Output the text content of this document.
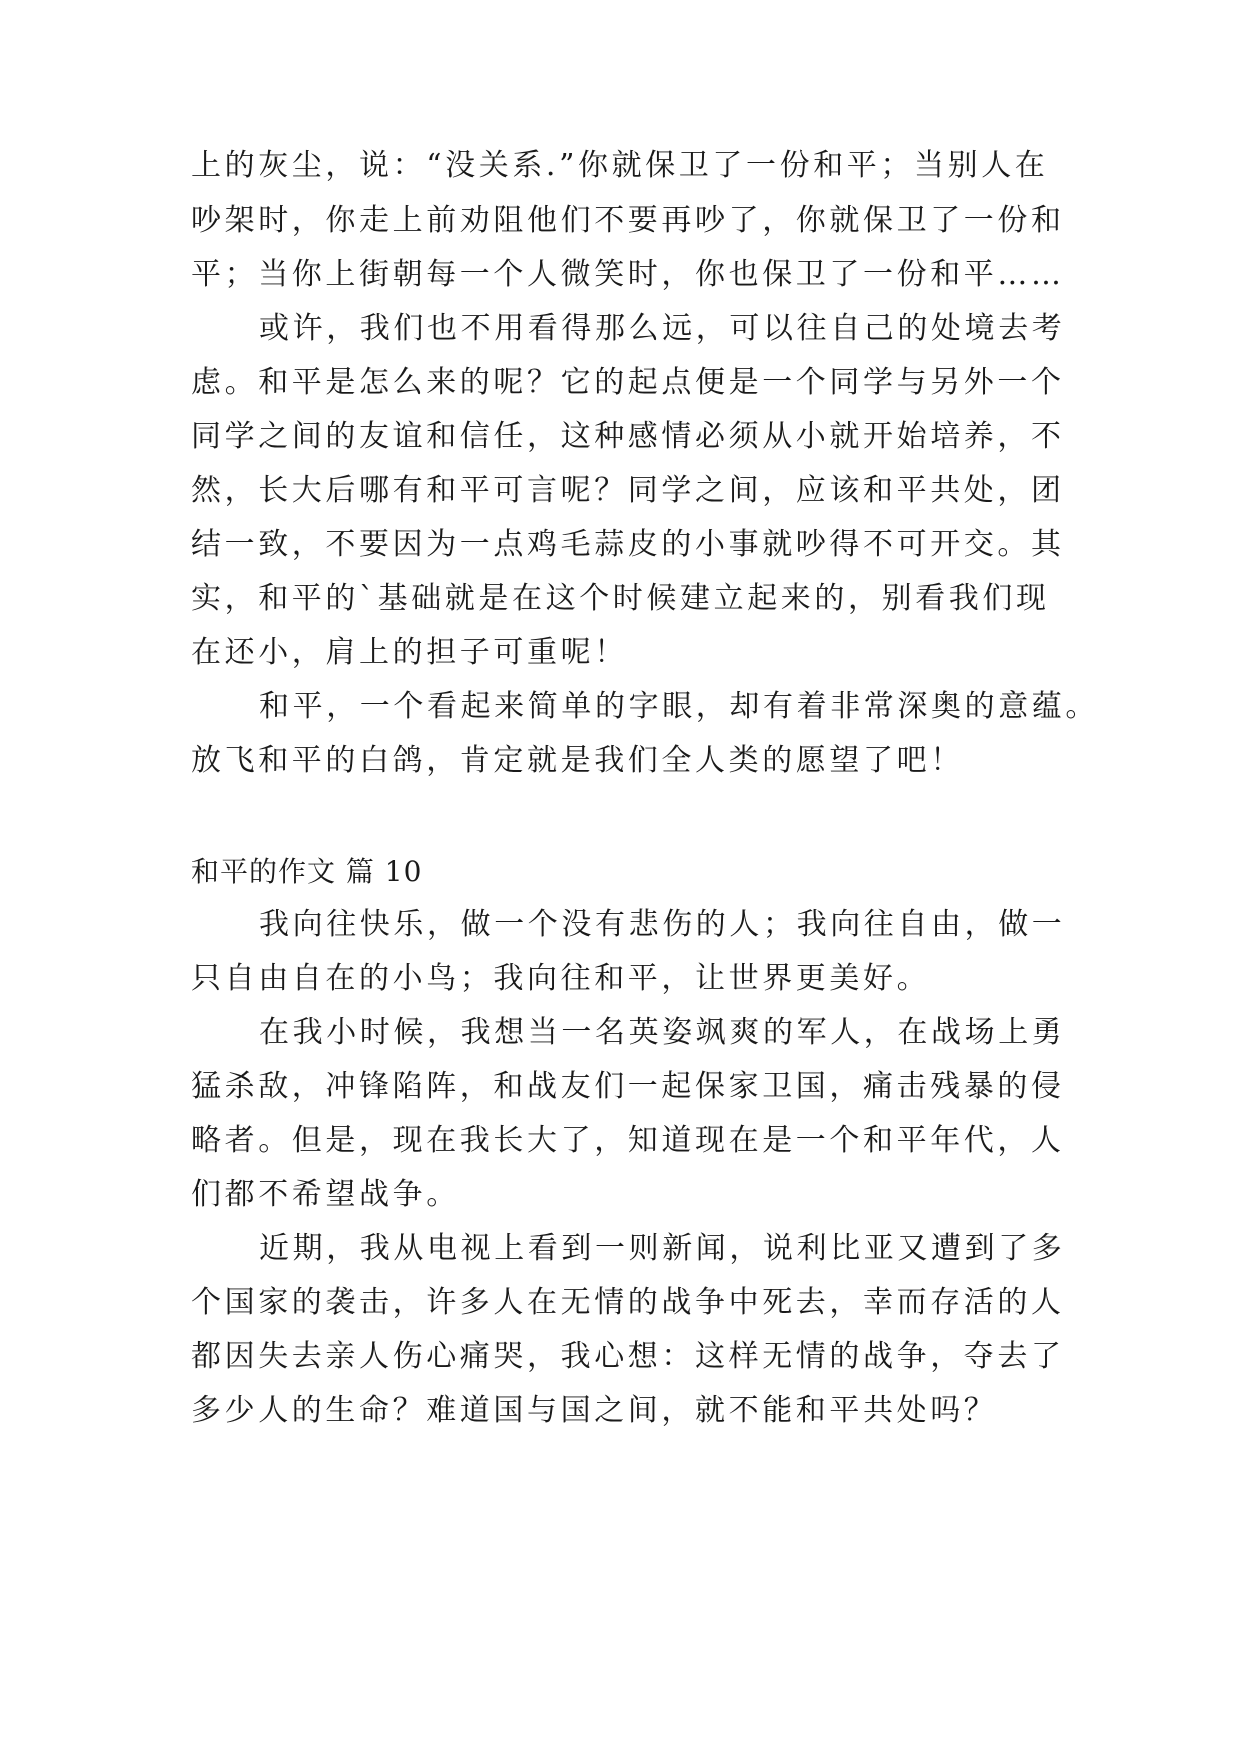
上的灰尘，说：“没关系.”你就保卫了一份和平；当别人在
吵架时，你走上前劝阻他们不要再吵了，你就保卫了一份和
平；当你上街朝每一个人微笑时，你也保卫了一份和平……
或许，我们也不用看得那么远，可以往自己的处境去考
虑。和平是怎么来的呢？它的起点便是一个同学与另外一个
同学之间的友谊和信任，这种感情必须从小就开始培养，不
然，长大后哪有和平可言呢？同学之间，应该和平共处，团
结一致，不要因为一点鸡毛蒜皮的小事就吵得不可开交。其
实，和平的`基础就是在这个时候建立起来的，别看我们现
在还小，肩上的担子可重呢！
和平，一个看起来简单的字眼，却有着非常深奥的意蕴。
放飞和平的白鸽，肯定就是我们全人类的愿望了吧！
和平的作文 篇 10
我向往快乐，做一个没有悲伤的人；我向往自由，做一
只自由自在的小鸟；我向往和平，让世界更美好。
在我小时候，我想当一名英姿飒爽的军人，在战场上勇
猛杀敌，冲锋陷阵，和战友们一起保家卫国，痛击残暴的侵
略者。但是，现在我长大了，知道现在是一个和平年代，人
们都不希望战争。
近期，我从电视上看到一则新闻，说利比亚又遭到了多
个国家的袭击，许多人在无情的战争中死去，幸而存活的人
都因失去亲人伤心痛哭，我心想：这样无情的战争，夺去了
多少人的生命？难道国与国之间，就不能和平共处吗？
